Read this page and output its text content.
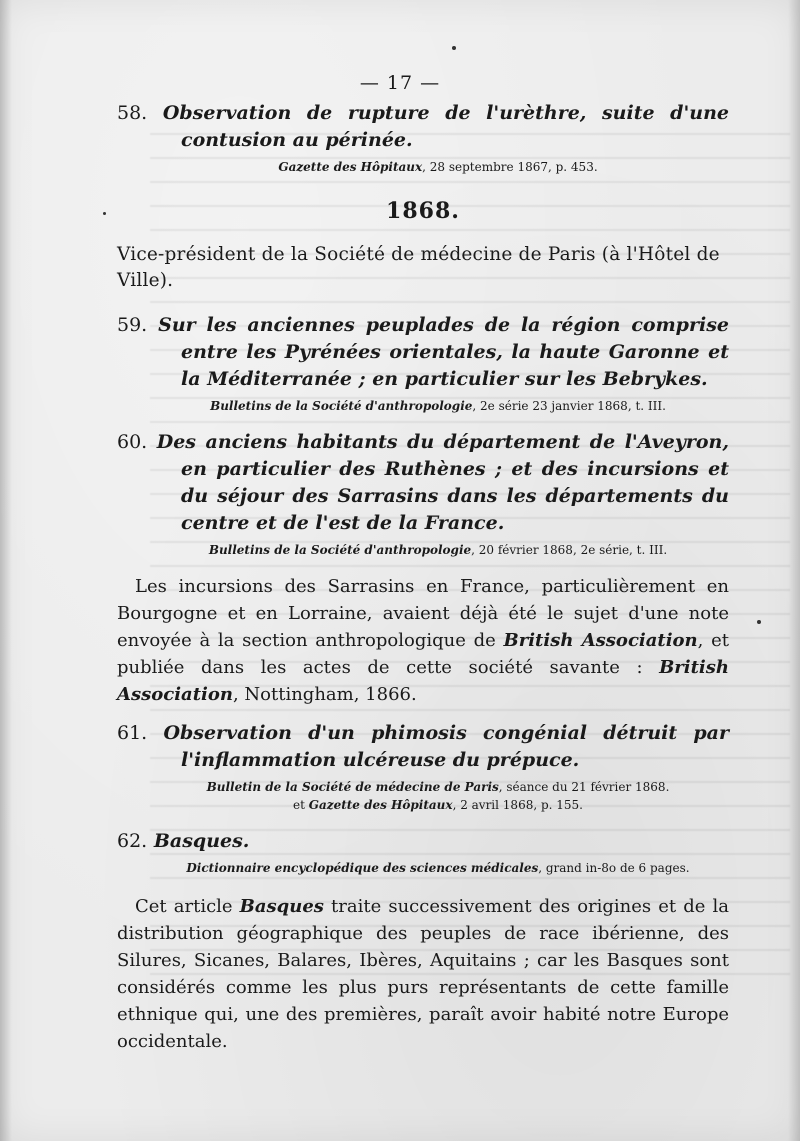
— 17 —
58. Observation de rupture de l'urèthre, suite d'une contusion au périnée.
Gazette des Hôpitaux, 28 septembre 1867, p. 453.
1868.
Vice-président de la Société de médecine de Paris (à l'Hôtel de Ville).
59. Sur les anciennes peuplades de la région comprise entre les Pyrénées orientales, la haute Garonne et la Méditerranée ; en particulier sur les Bebrykes.
Bulletins de la Société d'anthropologie, 2e série 23 janvier 1868, t. III.
60. Des anciens habitants du département de l'Aveyron, en particulier des Ruthènes ; et des incursions et du séjour des Sarrasins dans les départements du centre et de l'est de la France.
Bulletins de la Société d'anthropologie, 20 février 1868, 2e série, t. III.

Les incursions des Sarrasins en France, particulièrement en Bourgogne et en Lorraine, avaient déjà été le sujet d'une note envoyée à la section anthropologique de British Association, et publiée dans les actes de cette société savante : British Association, Nottingham, 1866.

61. Observation d'un phimosis congénial détruit par l'inflammation ulcéreuse du prépuce.
Bulletin de la Société de médecine de Paris, séance du 21 février 1868.
et Gazette des Hôpitaux, 2 avril 1868, p. 155.
62. Basques.
Dictionnaire encyclopédique des sciences médicales, grand in-8o de 6 pages.

Cet article Basques traite successivement des origines et de la distribution géographique des peuples de race ibérienne, des Silures, Sicanes, Balares, Ibères, Aquitains ; car les Basques sont considérés comme les plus purs représentants de cette famille ethnique qui, une des premières, paraît avoir habité notre Europe occidentale.
